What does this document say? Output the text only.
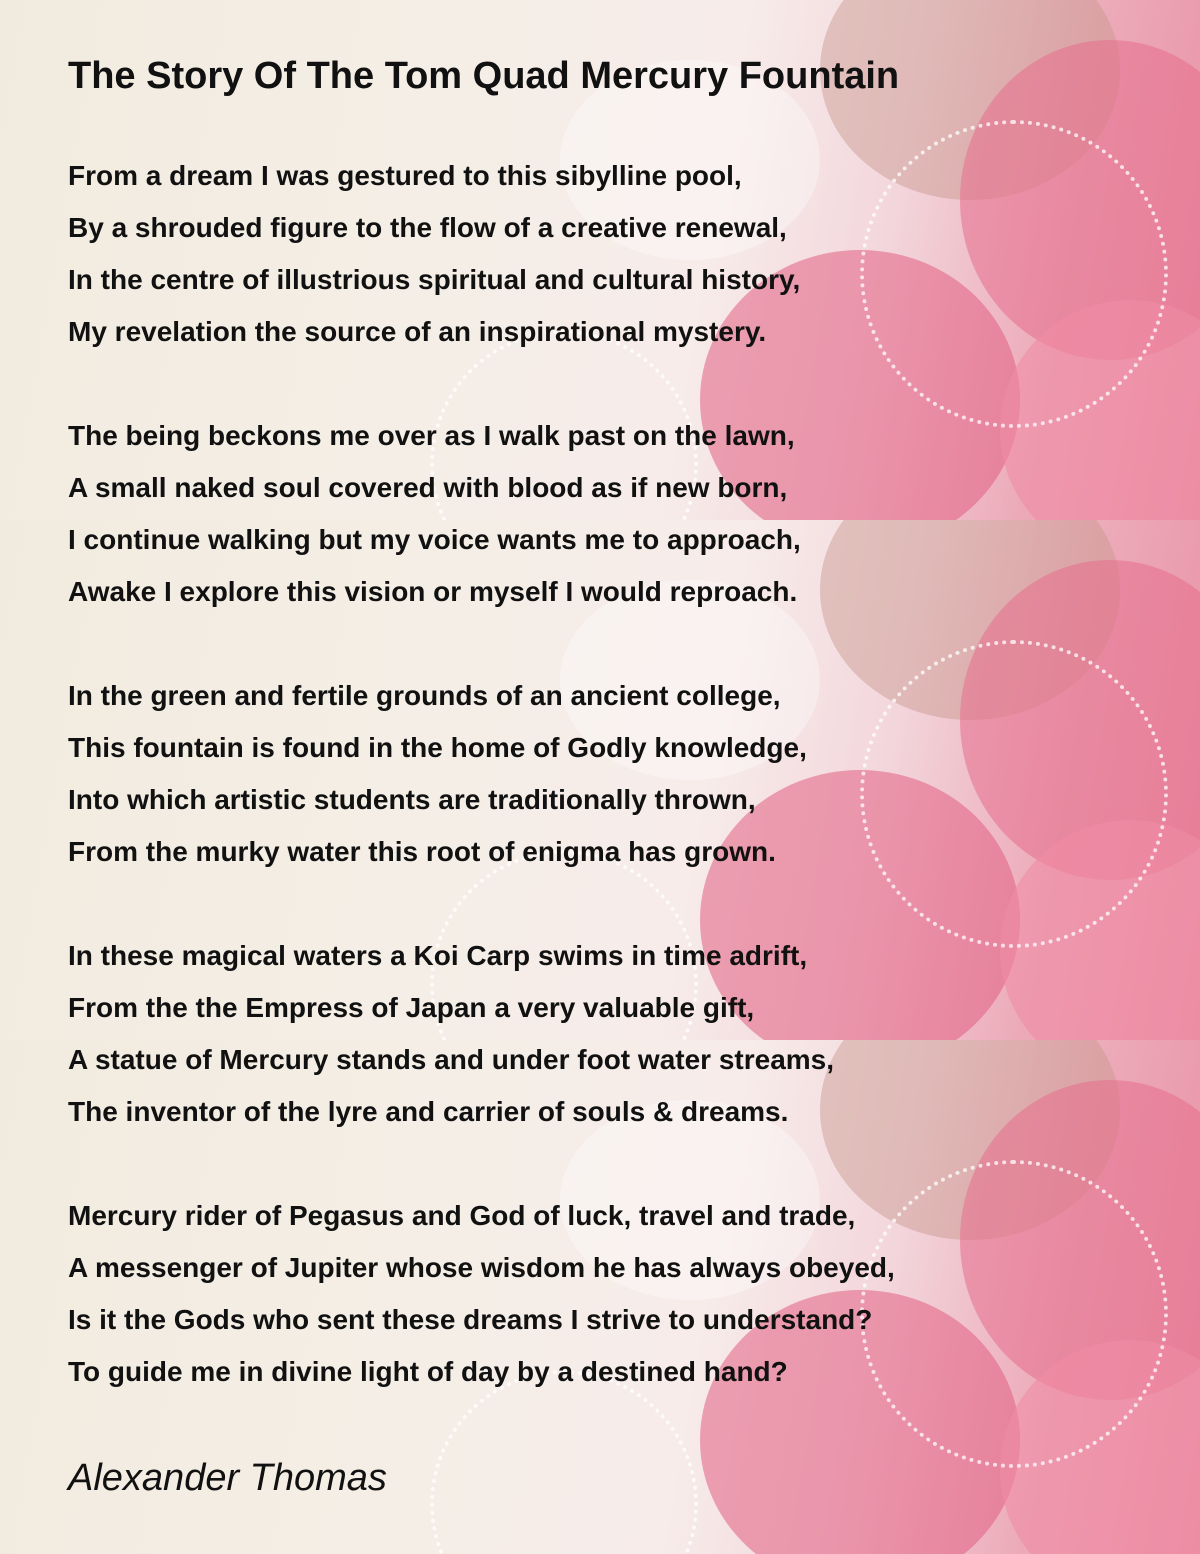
The Story Of The Tom Quad Mercury Fountain
From a dream I was gestured to this sibylline pool,
By a shrouded figure to the flow of a creative renewal,
In the centre of illustrious spiritual and cultural history,
My revelation the source of an inspirational mystery.
The being beckons me over as I walk past on the lawn,
A small naked soul covered with blood as if new born,
I continue walking but my voice wants me to approach,
Awake I explore this vision or myself I would reproach.
In the green and fertile grounds of an ancient college,
This fountain is found in the home of Godly knowledge,
Into which artistic students are traditionally thrown,
From the murky water this root of enigma has grown.
In these magical waters a Koi Carp swims in time adrift,
From the the Empress of Japan a very valuable gift,
A statue of Mercury stands and under foot water streams,
The inventor of the lyre and carrier of souls & dreams.
Mercury rider of Pegasus and God of luck, travel and trade,
A messenger of Jupiter whose wisdom he has always obeyed,
Is it the Gods who sent these dreams I strive to understand?
To guide me in divine light of day by a destined hand?
Alexander Thomas
